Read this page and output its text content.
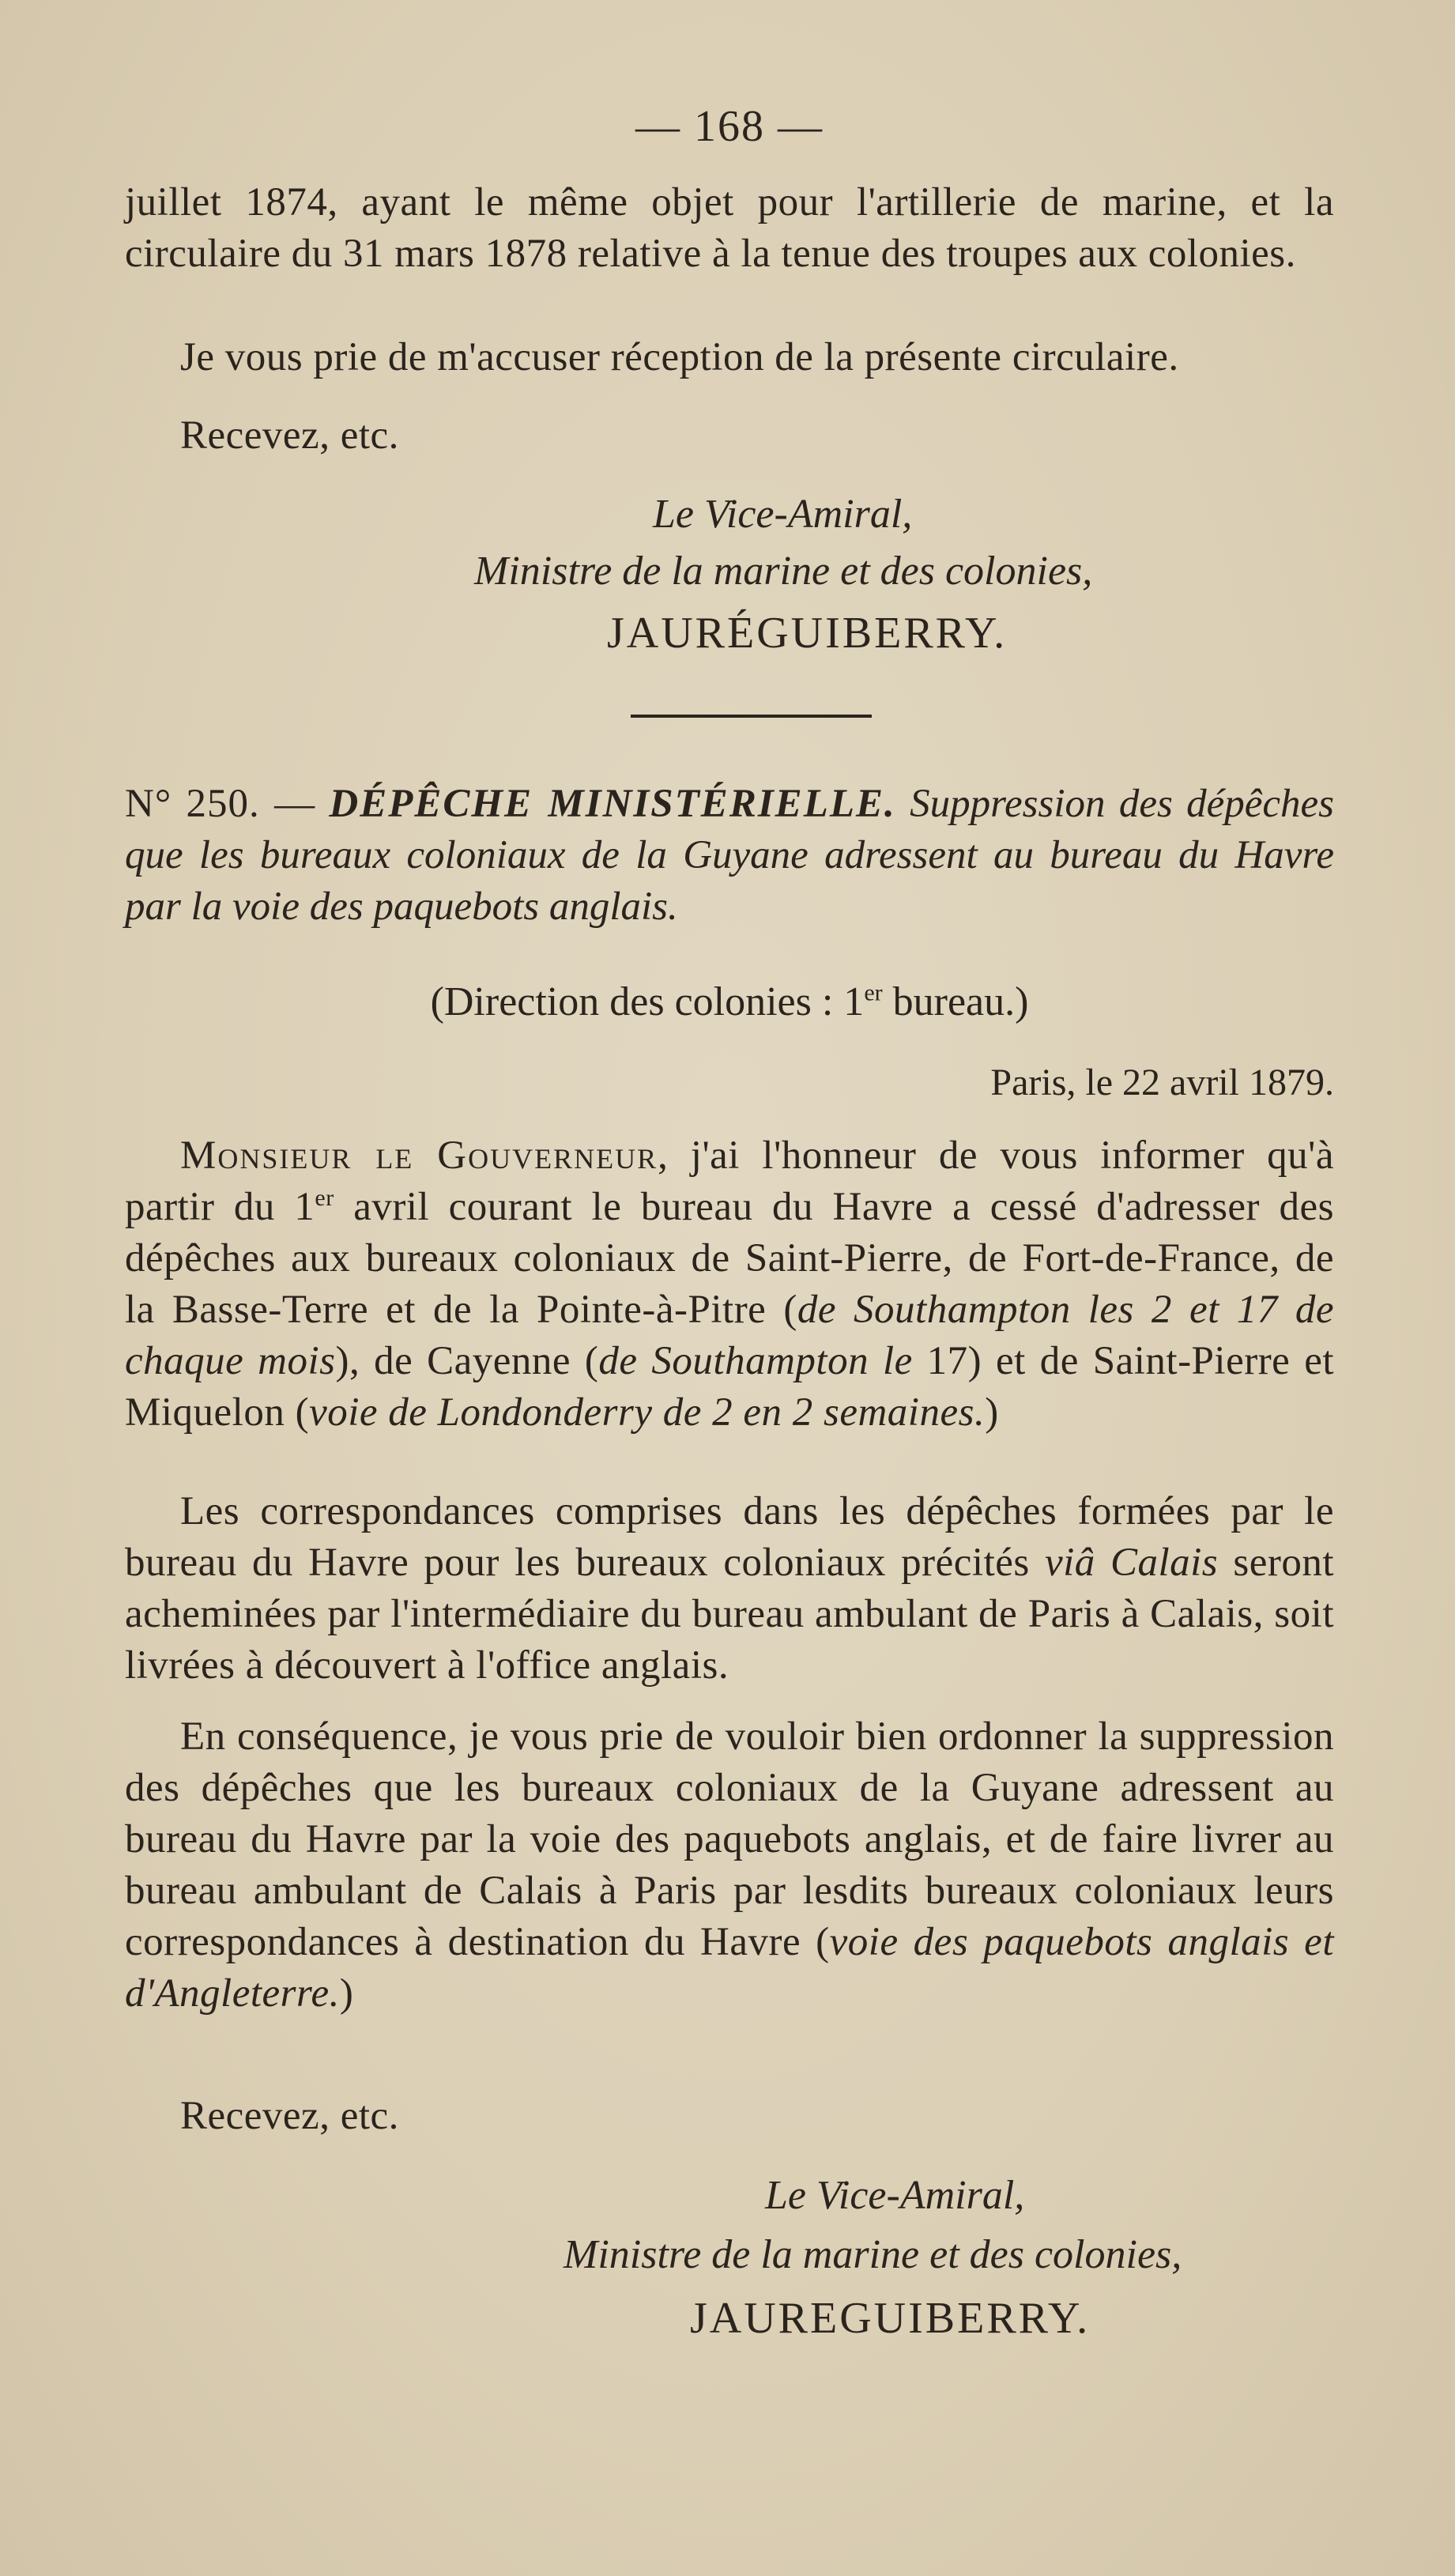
— 168 —
juillet 1874, ayant le même objet pour l'artillerie de marine, et la circulaire du 31 mars 1878 relative à la tenue des troupes aux colonies.
Je vous prie de m'accuser réception de la présente circulaire.
Recevez, etc.
Le Vice-Amiral,
Ministre de la marine et des colonies,
JAURÉGUIBERRY.
N° 250. — DÉPÊCHE MINISTÉRIELLE. Suppression des dépêches que les bureaux coloniaux de la Guyane adressent au bureau du Havre par la voie des paquebots anglais.
(Direction des colonies : 1er bureau.)
Paris, le 22 avril 1879.
Monsieur le Gouverneur, j'ai l'honneur de vous informer qu'à partir du 1er avril courant le bureau du Havre a cessé d'adresser des dépêches aux bureaux coloniaux de Saint-Pierre, de Fort-de-France, de la Basse-Terre et de la Pointe-à-Pitre (de Southampton les 2 et 17 de chaque mois), de Cayenne (de Southampton le 17) et de Saint-Pierre et Miquelon (voie de Londonderry de 2 en 2 semaines.)
Les correspondances comprises dans les dépêches formées par le bureau du Havre pour les bureaux coloniaux précités viâ Calais seront acheminées par l'intermédiaire du bureau ambulant de Paris à Calais, soit livrées à découvert à l'office anglais.
En conséquence, je vous prie de vouloir bien ordonner la suppression des dépêches que les bureaux coloniaux de la Guyane adressent au bureau du Havre par la voie des paquebots anglais, et de faire livrer au bureau ambulant de Calais à Paris par lesdits bureaux coloniaux leurs correspondances à destination du Havre (voie des paquebots anglais et d'Angleterre.)
Recevez, etc.
Le Vice-Amiral,
Ministre de la marine et des colonies,
JAUREGUIBERRY.
